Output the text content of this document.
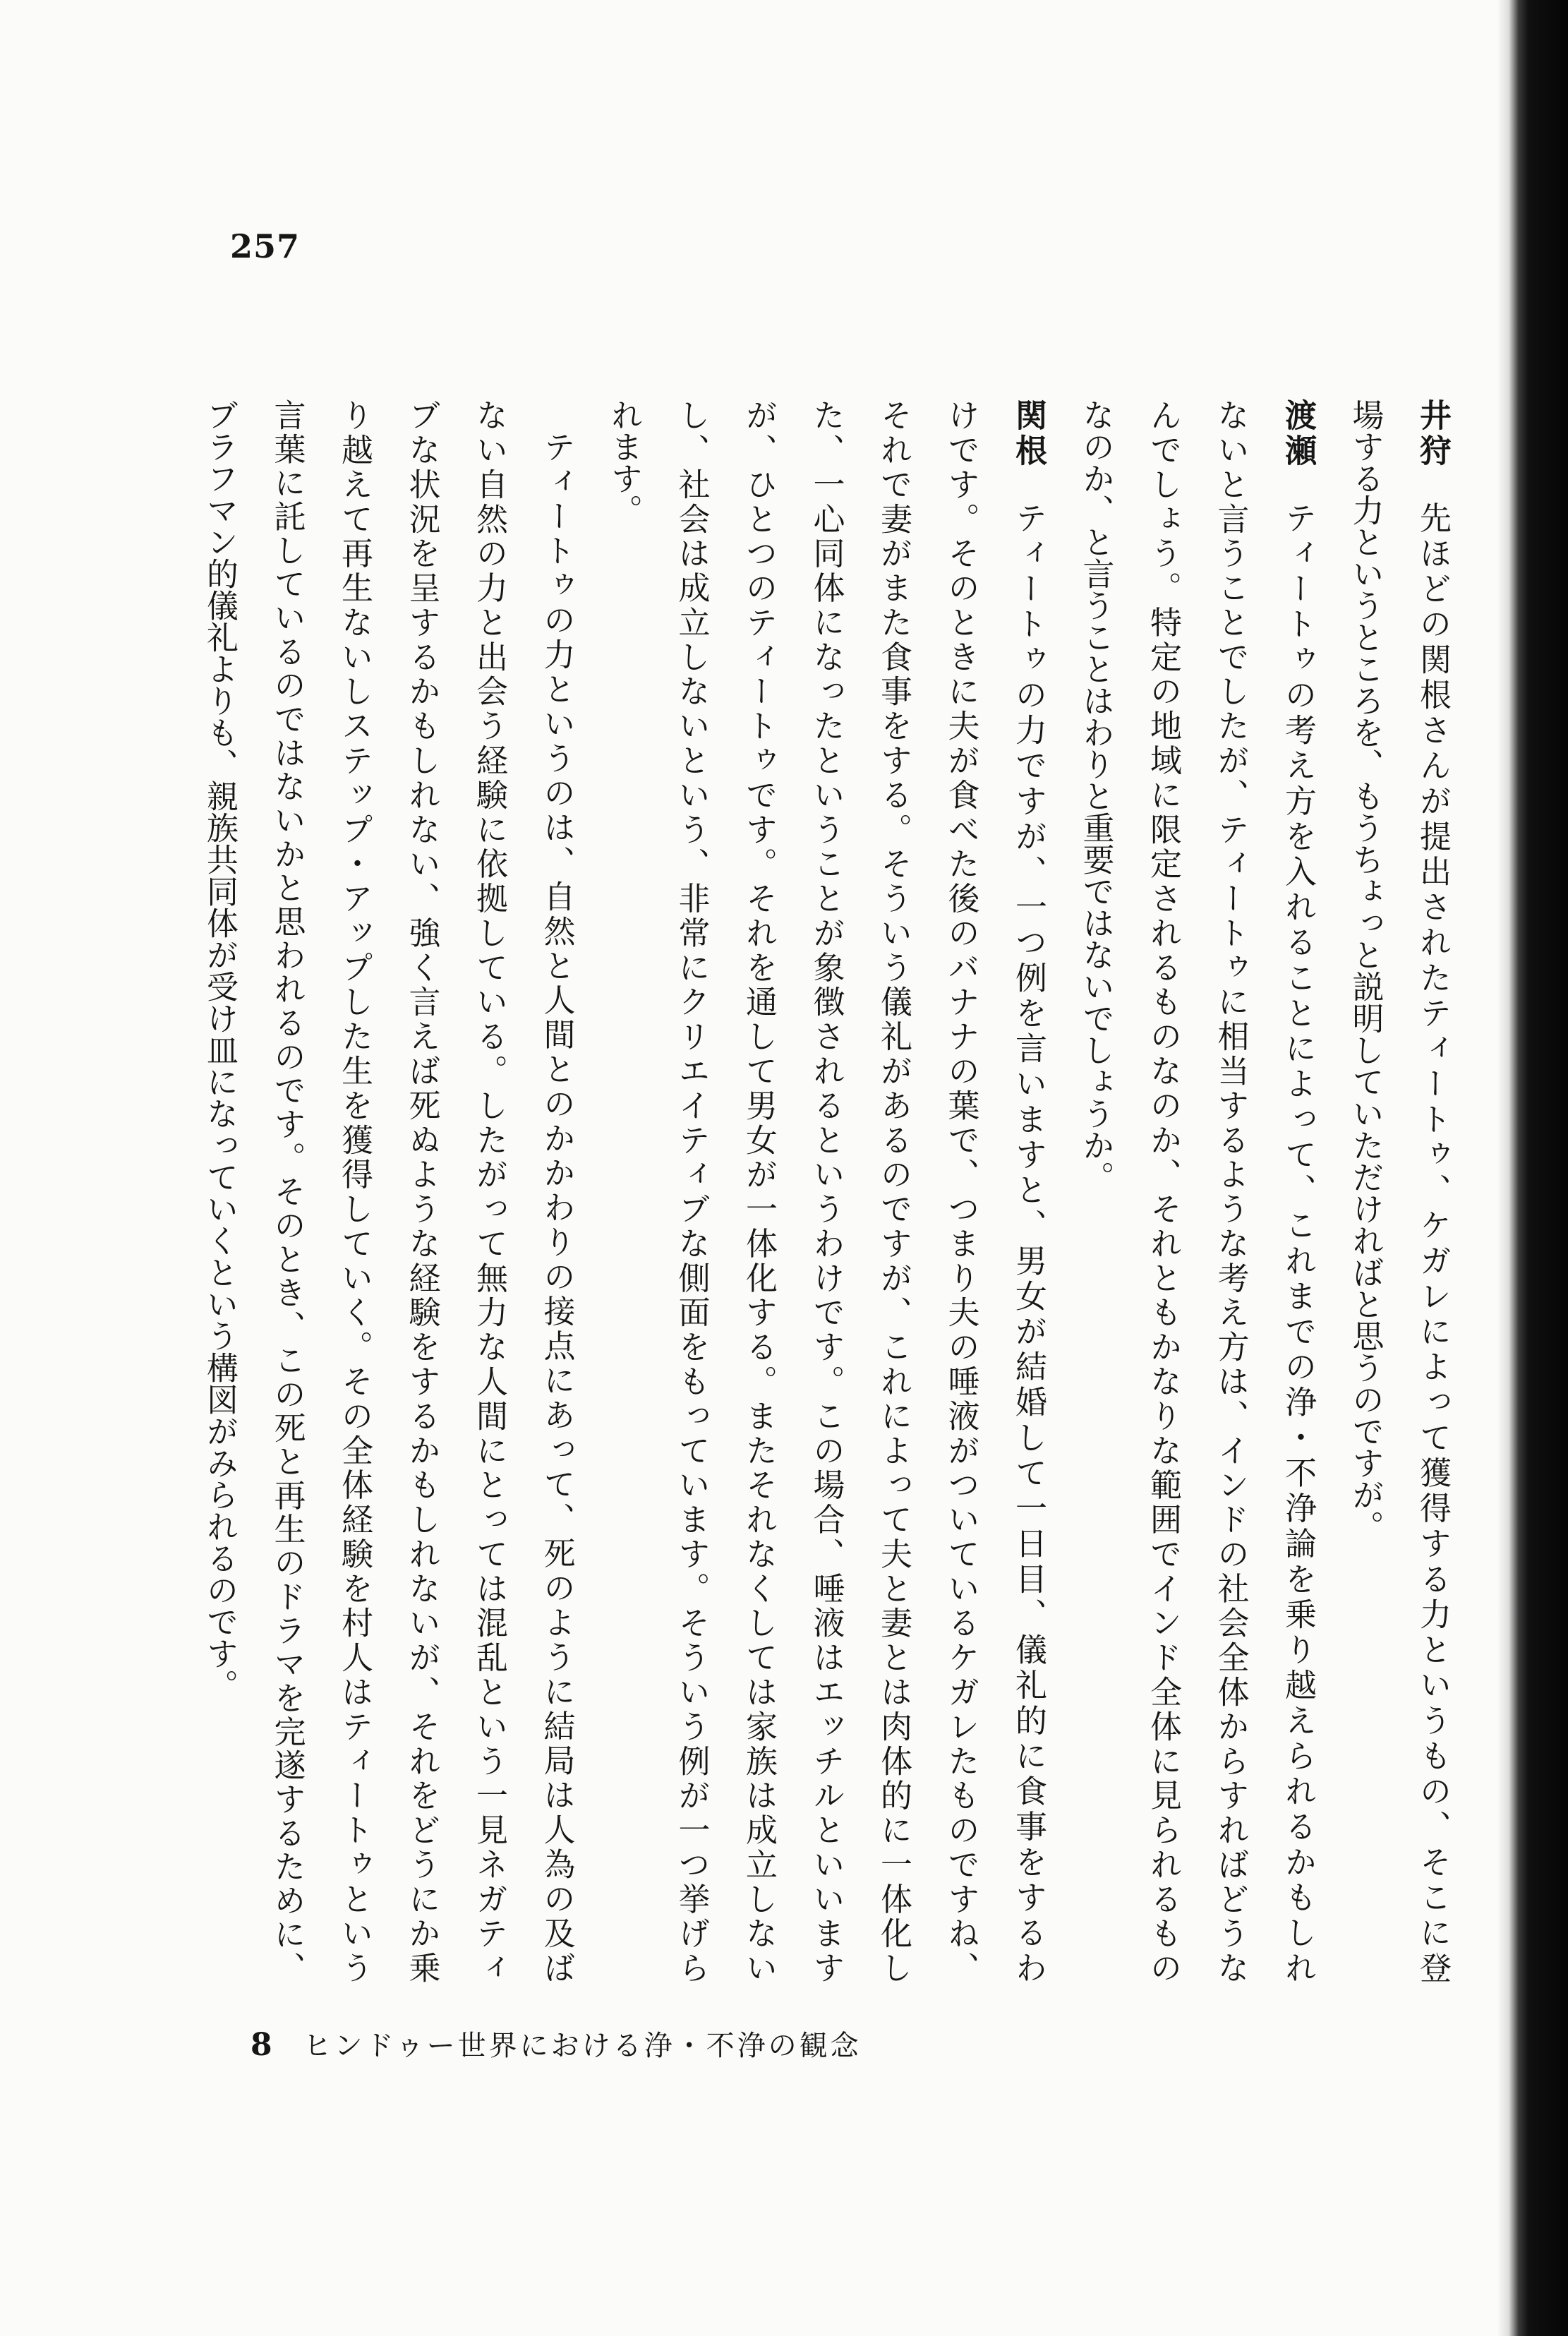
257
井狩先ほどの関根さんが提出されたティートゥ、ケガレによって獲得する力というもの、そこに登
場する力というところを、もうちょっと説明していただければと思うのですが。
渡瀬ティートゥの考え方を入れることによって、これまでの浄・不浄論を乗り越えられるかもしれ
ないと言うことでしたが、ティートゥに相当するような考え方は、インドの社会全体からすればどうな
んでしょう。特定の地域に限定されるものなのか、それともかなりな範囲でインド全体に見られるもの
なのか、と言うことはわりと重要ではないでしょうか。
関根ティートゥの力ですが、一つ例を言いますと、男女が結婚して一日目、儀礼的に食事をするわ
けです。そのときに夫が食べた後のバナナの葉で、つまり夫の唾液がついているケガレたものですね、
それで妻がまた食事をする。そういう儀礼があるのですが、これによって夫と妻とは肉体的に一体化し
た、一心同体になったということが象徴されるというわけです。この場合、唾液はエッチルといいます
が、ひとつのティートゥです。それを通して男女が一体化する。またそれなくしては家族は成立しない
し、社会は成立しないという、非常にクリエイティブな側面をもっています。そういう例が一つ挙げら
れます。
ティートゥの力というのは、自然と人間とのかかわりの接点にあって、死のように結局は人為の及ば
ない自然の力と出会う経験に依拠している。したがって無力な人間にとっては混乱という一見ネガティ
ブな状況を呈するかもしれない、強く言えば死ぬような経験をするかもしれないが、それをどうにか乗
り越えて再生ないしステップ・アップした生を獲得していく。その全体経験を村人はティートゥという
言葉に託しているのではないかと思われるのです。そのとき、この死と再生のドラマを完遂するために、
ブラフマン的儀礼よりも、親族共同体が受け皿になっていくという構図がみられるのです。
8 ヒンドゥー世界における浄・不浄の観念
